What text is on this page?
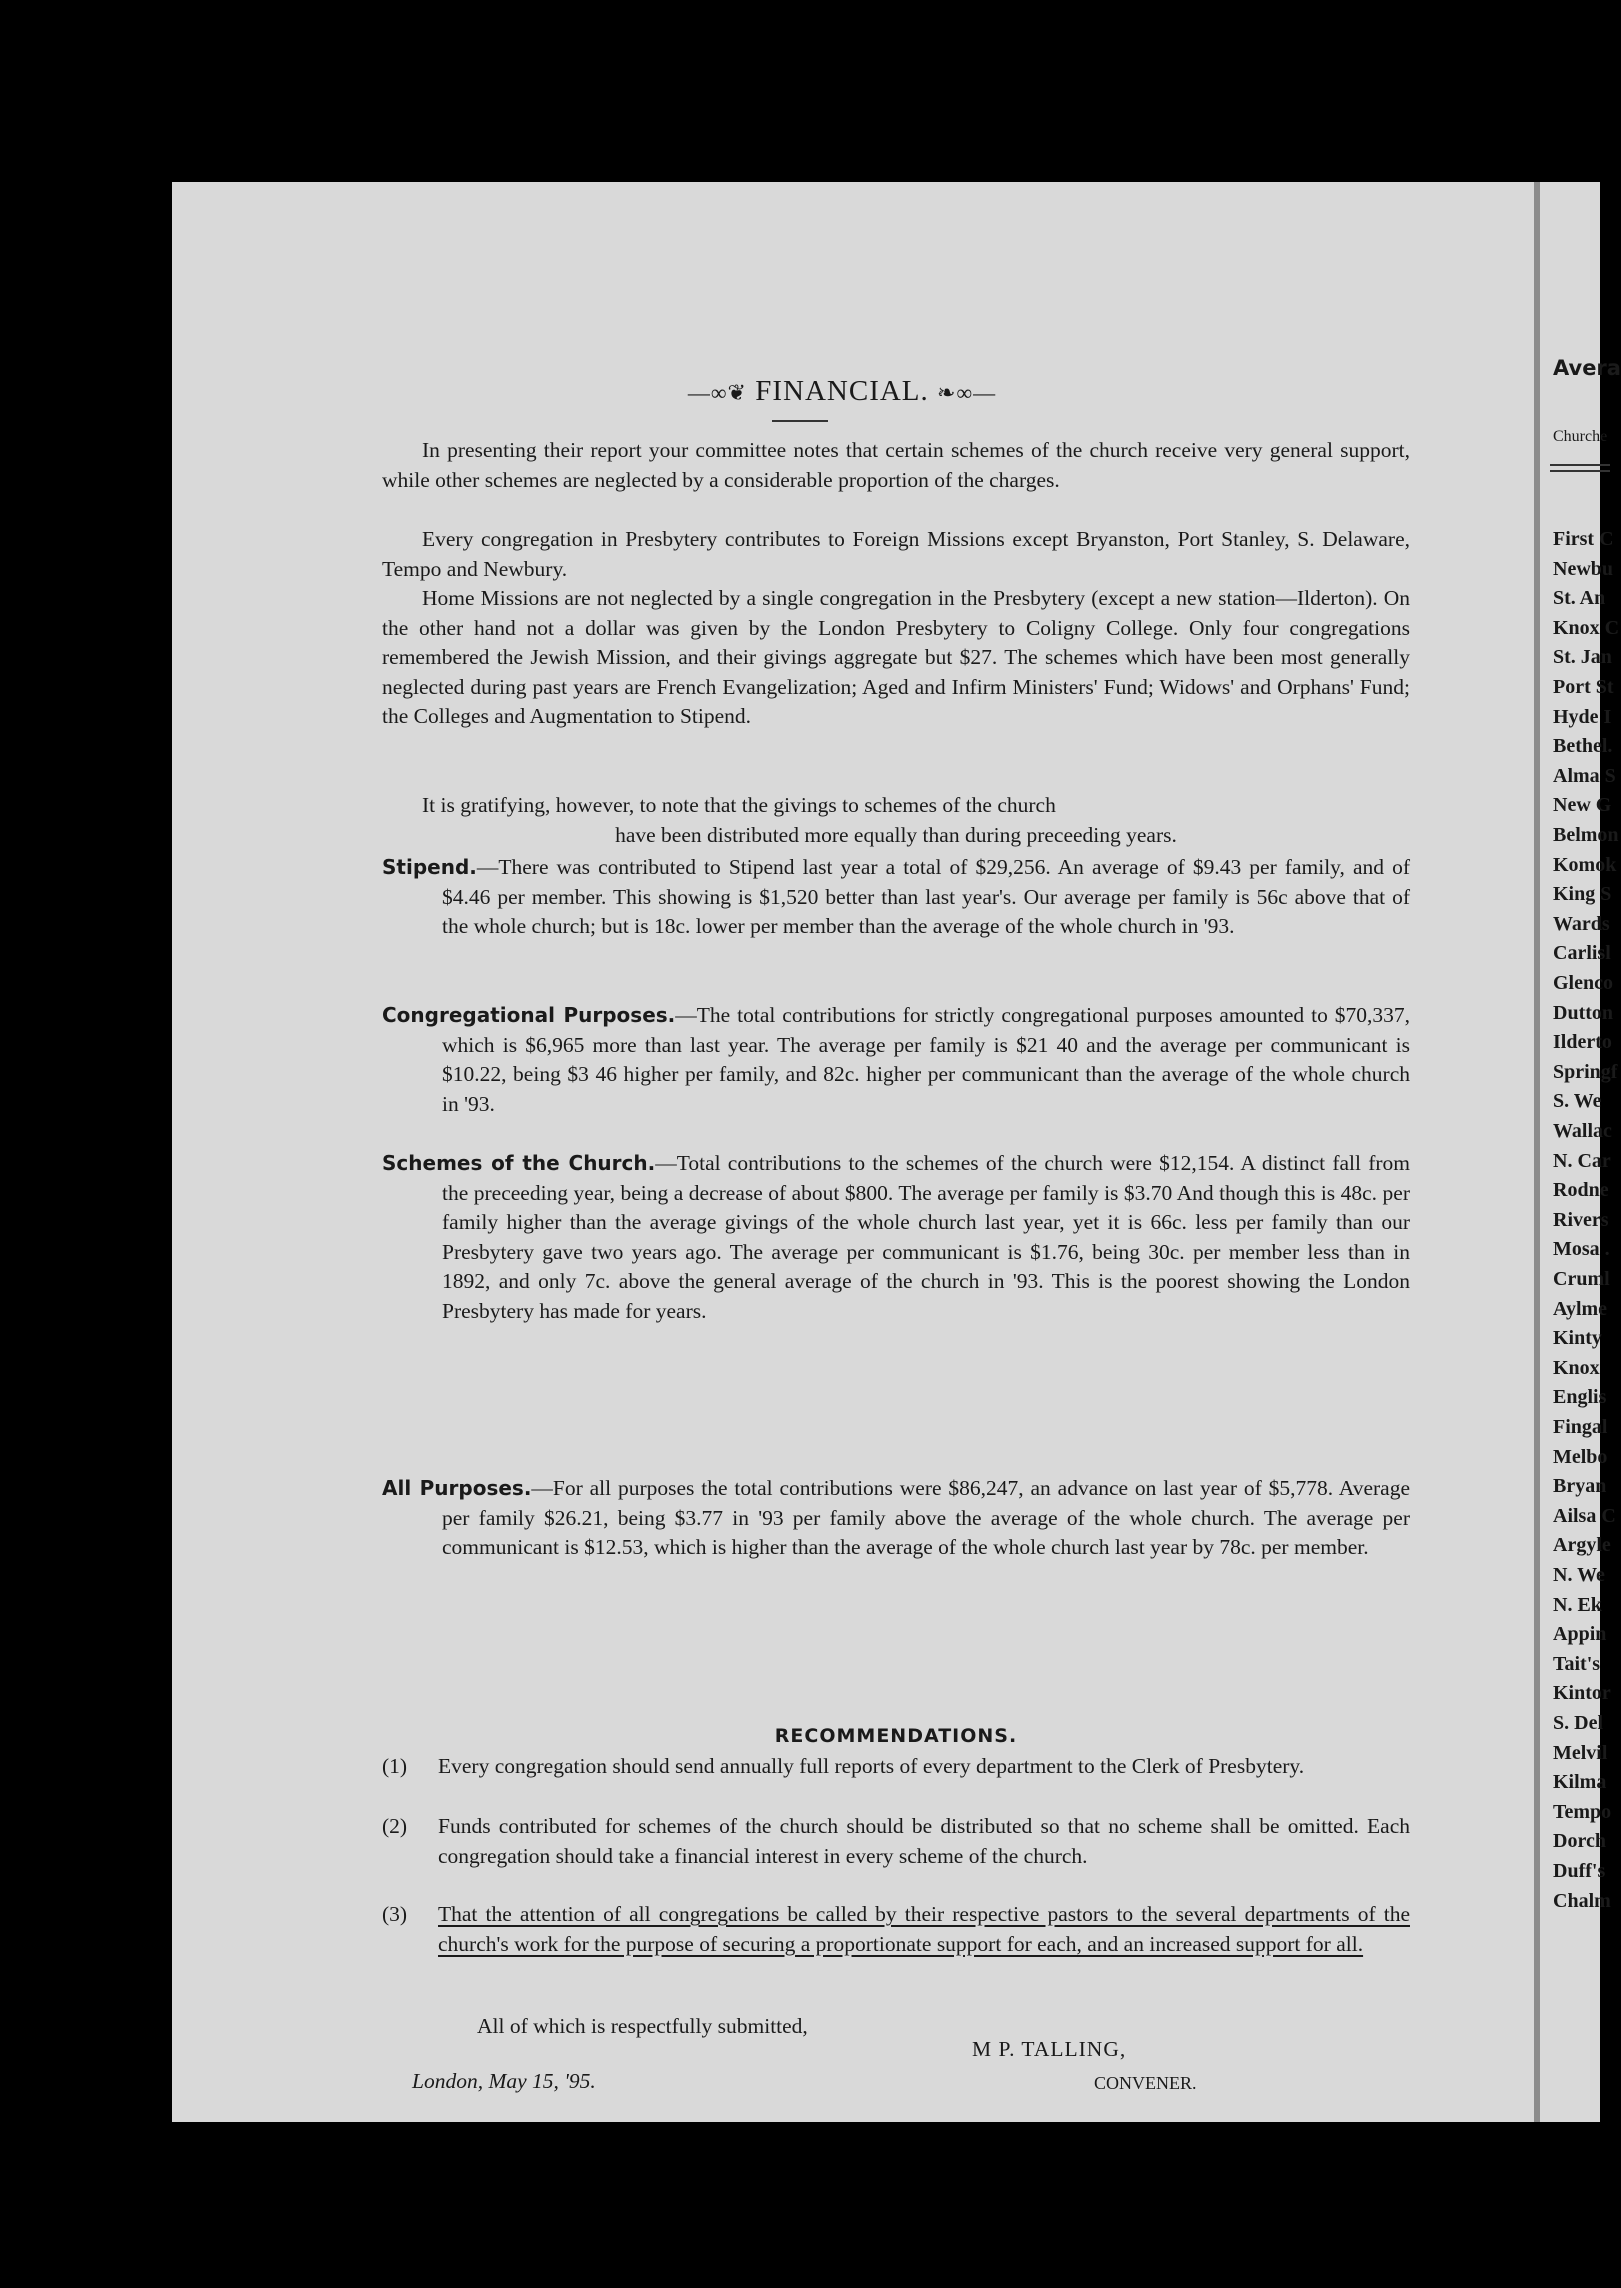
—∞❦ FINANCIAL. ❧∞—
In presenting their report your committee notes that certain schemes of the church receive very general support, while other schemes are neglected by a considerable proportion of the charges.
Every congregation in Presbytery contributes to Foreign Missions except Bryanston, Port Stanley, S. Delaware, Tempo and Newbury.
Home Missions are not neglected by a single congregation in the Presbytery (except a new station—Ilderton). On the other hand not a dollar was given by the London Presbytery to Coligny College. Only four congregations remembered the Jewish Mission, and their givings aggregate but $27. The schemes which have been most generally neglected during past years are French Evangelization; Aged and Infirm Ministers' Fund; Widows' and Orphans' Fund; the Colleges and Augmentation to Stipend.
It is gratifying, however, to note that the givings to schemes of the church
have been distributed more equally than during preceeding years.
Stipend.—There was contributed to Stipend last year a total of $29,256. An average of $9.43 per family, and of $4.46 per member. This showing is $1,520 better than last year's. Our average per family is 56c above that of the whole church; but is 18c. lower per member than the average of the whole church in '93.
Congregational Purposes.—The total contributions for strictly congregational purposes amounted to $70,337, which is $6,965 more than last year. The average per family is $21 40 and the average per communicant is $10.22, being $3 46 higher per family, and 82c. higher per communicant than the average of the whole church in '93.
Schemes of the Church.—Total contributions to the schemes of the church were $12,154. A distinct fall from the preceeding year, being a decrease of about $800. The average per family is $3.70 And though this is 48c. per family higher than the average givings of the whole church last year, yet it is 66c. less per family than our Presbytery gave two years ago. The average per communicant is $1.76, being 30c. per member less than in 1892, and only 7c. above the general average of the church in '93. This is the poorest showing the London Presbytery has made for years.
All Purposes.—For all purposes the total contributions were $86,247, an advance on last year of $5,778. Average per family $26.21, being $3.77 in '93 per family above the average of the whole church. The average per communicant is $12.53, which is higher than the average of the whole church last year by 78c. per member.
RECOMMENDATIONS.
(1) Every congregation should send annually full reports of every department to the Clerk of Presbytery.
(2) Funds contributed for schemes of the church should be distributed so that no scheme shall be omitted. Each congregation should take a financial interest in every scheme of the church.
(3) That the attention of all congregations be called by their respective pastors to the several departments of the church's work for the purpose of securing a proportionate support for each, and an increased support for all.
All of which is respectfully submitted,
M P. TALLING,
London, May 15, '95.	CONVENER.
Avera
Churche
First C
Newbu
St. An
Knox C
St. Jan
Port St
Hyde I
Bethel.
Alma S
New G
Belmon
Komok
King S
Wards
Carlisl
Glenco
Dutton
Ilderto
Springf
S. We
Wallac
N. Car
Rodne
Rivers
Mosa .
Cruml
Aylme
Kinty
Knox
Englis
Fingal
Melbo
Bryan
Ailsa C
Argyle
N. We
N. Ek
Appin
Tait's
Kintor
S. Del
Melvil
Kilma
Tempo
Dorch
Duff's
Chalm
